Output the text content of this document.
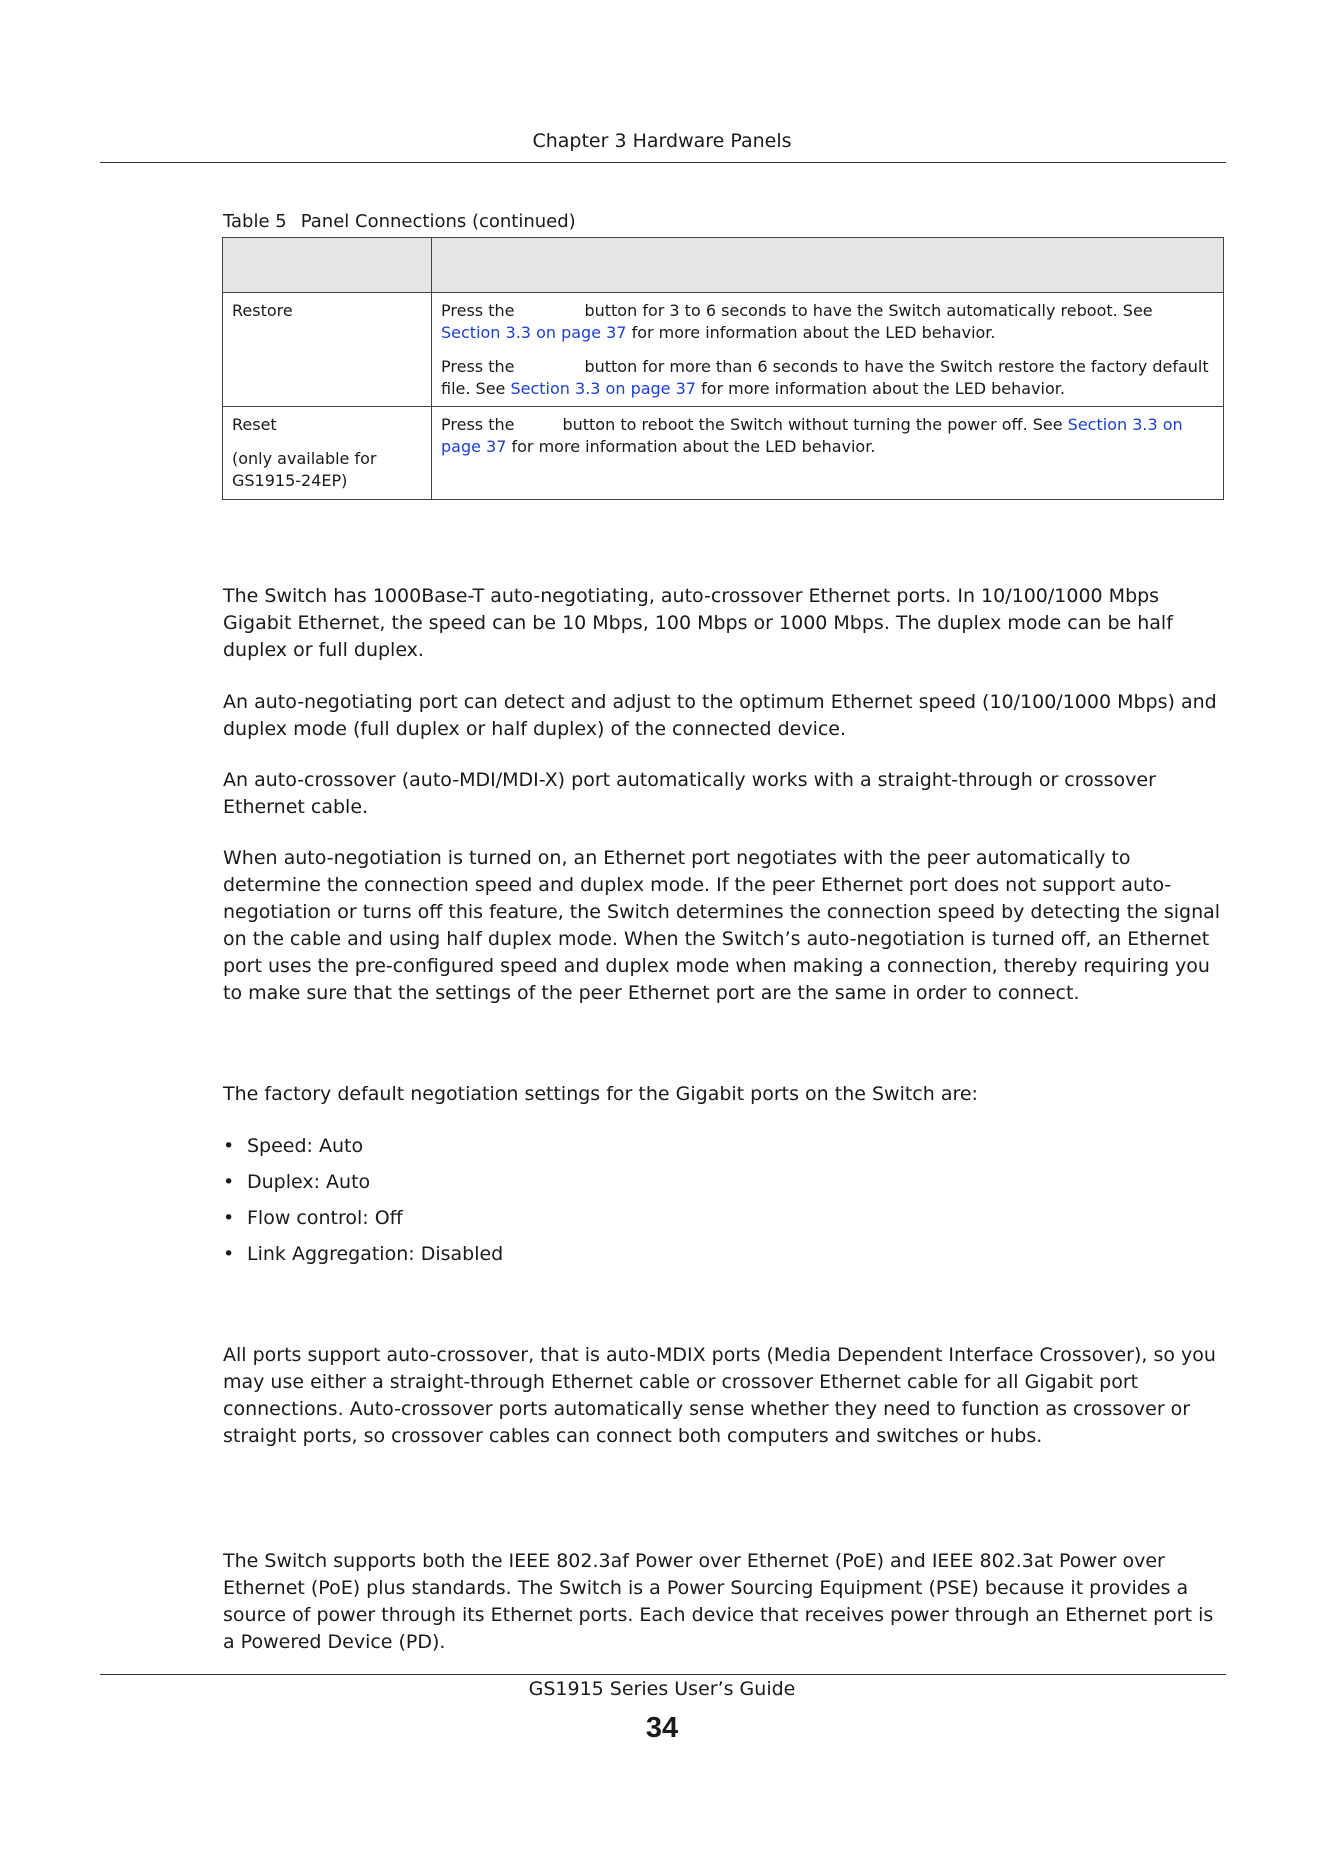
Chapter 3 Hardware Panels
Table 5 Panel Connections (continued)

Restore	Press the button for 3 to 6 seconds to have the Switch automatically reboot. See Section 3.3 on page 37 for more information about the LED behavior.

Press the button for more than 6 seconds to have the Switch restore the factory default file. See Section 3.3 on page 37 for more information about the LED behavior.

Reset

(only available for GS1915-24EP)	Press the button to reboot the Switch without turning the power off. See Section 3.3 on page 37 for more information about the LED behavior.

The Switch has 1000Base-T auto-negotiating, auto-crossover Ethernet ports. In 10/100/1000 Mbps Gigabit Ethernet, the speed can be 10 Mbps, 100 Mbps or 1000 Mbps. The duplex mode can be half duplex or full duplex.

An auto-negotiating port can detect and adjust to the optimum Ethernet speed (10/100/1000 Mbps) and duplex mode (full duplex or half duplex) of the connected device.

An auto-crossover (auto-MDI/MDI-X) port automatically works with a straight-through or crossover Ethernet cable.

When auto-negotiation is turned on, an Ethernet port negotiates with the peer automatically to determine the connection speed and duplex mode. If the peer Ethernet port does not support auto-negotiation or turns off this feature, the Switch determines the connection speed by detecting the signal on the cable and using half duplex mode. When the Switch’s auto-negotiation is turned off, an Ethernet port uses the pre-configured speed and duplex mode when making a connection, thereby requiring you to make sure that the settings of the peer Ethernet port are the same in order to connect.

The factory default negotiation settings for the Gigabit ports on the Switch are:

• Speed: Auto
• Duplex: Auto
• Flow control: Off
• Link Aggregation: Disabled

All ports support auto-crossover, that is auto-MDIX ports (Media Dependent Interface Crossover), so you may use either a straight-through Ethernet cable or crossover Ethernet cable for all Gigabit port connections. Auto-crossover ports automatically sense whether they need to function as crossover or straight ports, so crossover cables can connect both computers and switches or hubs.

The Switch supports both the IEEE 802.3af Power over Ethernet (PoE) and IEEE 802.3at Power over Ethernet (PoE) plus standards. The Switch is a Power Sourcing Equipment (PSE) because it provides a source of power through its Ethernet ports. Each device that receives power through an Ethernet port is a Powered Device (PD).

GS1915 Series User’s Guide
34
